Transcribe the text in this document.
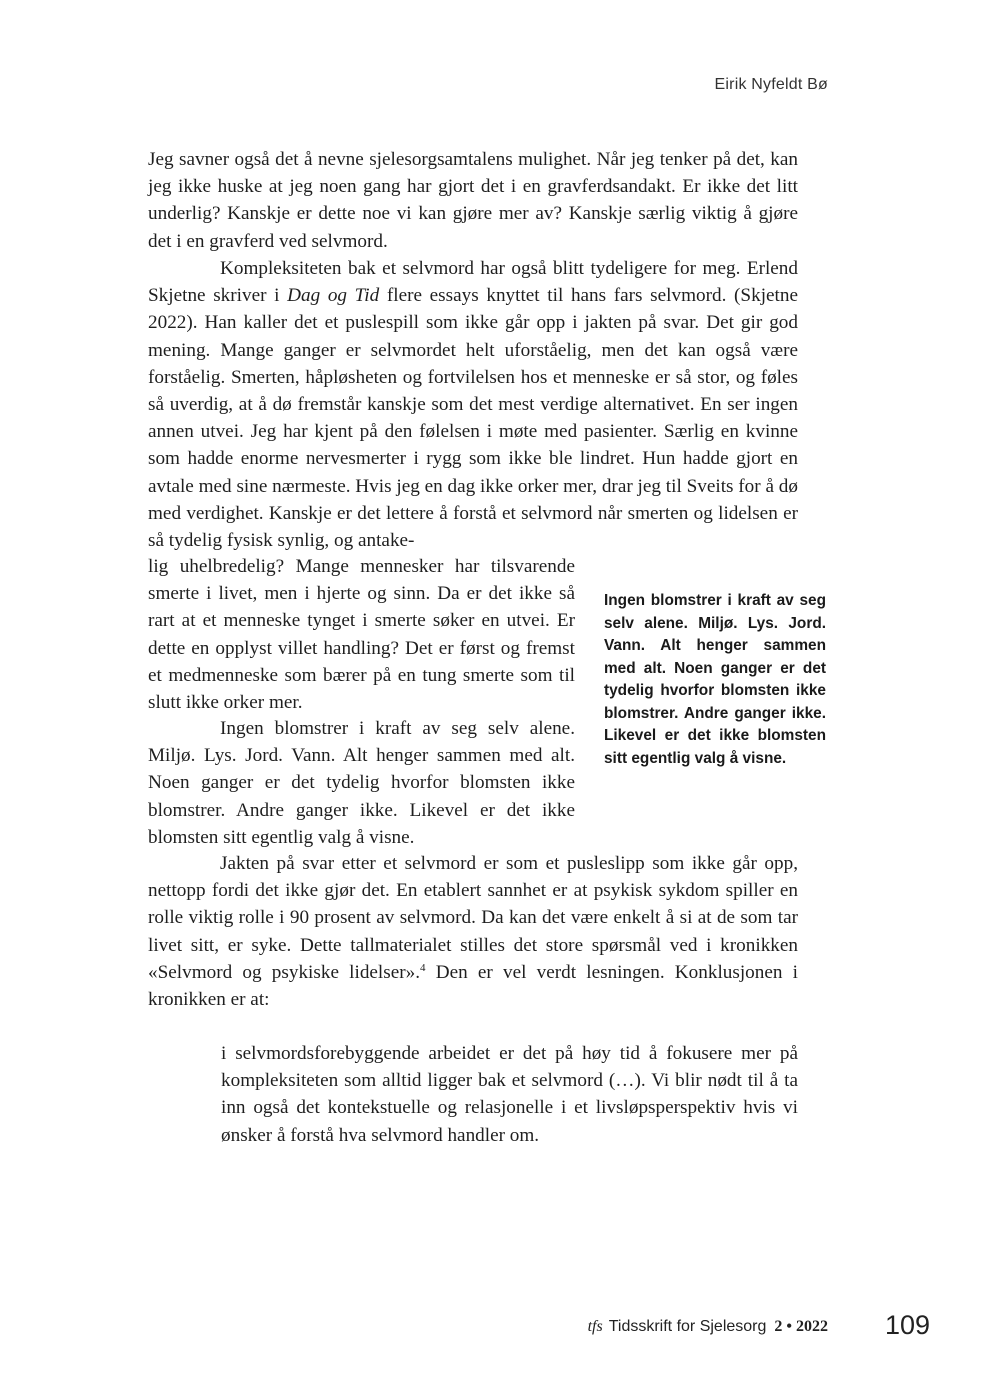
Eirik Nyfeldt Bø

Jeg savner også det å nevne sjelesorgsamtalens mulighet. Når jeg tenker på det, kan jeg ikke huske at jeg noen gang har gjort det i en gravferdsandakt. Er ikke det litt underlig? Kanskje er dette noe vi kan gjøre mer av? Kanskje særlig viktig å gjøre det i en gravferd ved selvmord.

Kompleksiteten bak et selvmord har også blitt tydeligere for meg. Erlend Skjetne skriver i Dag og Tid flere essays knyttet til hans fars selvmord. (Skjetne 2022). Han kaller det et puslespill som ikke går opp i jakten på svar. Det gir god mening. Mange ganger er selvmordet helt uforståelig, men det kan også være forståelig. Smerten, håpløsheten og fortvilelsen hos et menneske er så stor, og føles så uverdig, at å dø fremstår kanskje som det mest verdige alternativet. En ser ingen annen utvei. Jeg har kjent på den følelsen i møte med pasienter. Særlig en kvinne som hadde enorme nervesmerter i rygg som ikke ble lindret. Hun hadde gjort en avtale med sine nærmeste. Hvis jeg en dag ikke orker mer, drar jeg til Sveits for å dø med verdighet. Kanskje er det lettere å forstå et selvmord når smerten og lidelsen er så tydelig fysisk synlig, og antake-

lig uhelbredelig? Mange mennesker har tilsvarende smerte i livet, men i hjerte og sinn. Da er det ikke så rart at et menneske tynget i smerte søker en utvei. Er dette en opplyst villet handling? Det er først og fremst et medmenneske som bærer på en tung smerte som til slutt ikke orker mer.

Ingen blomstrer i kraft av seg selv alene. Miljø. Lys. Jord. Vann. Alt henger sammen med alt. Noen ganger er det tydelig hvorfor blomsten ikke blomstrer. Andre ganger ikke. Likevel er det ikke blomsten sitt egentlig valg å visne.

Jakten på svar etter et selvmord er som et pusleslipp som ikke går opp, nettopp fordi det ikke gjør det. En etablert sannhet er at psykisk sykdom spiller en rolle viktig rolle i 90 prosent av selvmord. Da kan det være enkelt å si at de som tar livet sitt, er syke. Dette tallmaterialet stilles det store spørsmål ved i kronikken «Selvmord og psykiske lidelser».$^4$ Den er vel verdt lesningen. Konklusjonen i kronikken er at:

i selvmordsforebyggende arbeidet er det på høy tid å fokusere mer på kompleksiteten som alltid ligger bak et selvmord (…). Vi blir nødt til å ta inn også det kontekstuelle og relasjonelle i et livsløpsperspektiv hvis vi ønsker å forstå hva selvmord handler om.

Ingen blomstrer i kraft av seg selv alene. Miljø. Lys. Jord. Vann. Alt henger sammen med alt. Noen ganger er det tydelig hvorfor blomsten ikke blomstrer. Andre ganger ikke. Likevel er det ikke blomsten sitt egentlig valg å visne.

tfs Tidsskrift for Sjelesorg 2 • 2022 109
